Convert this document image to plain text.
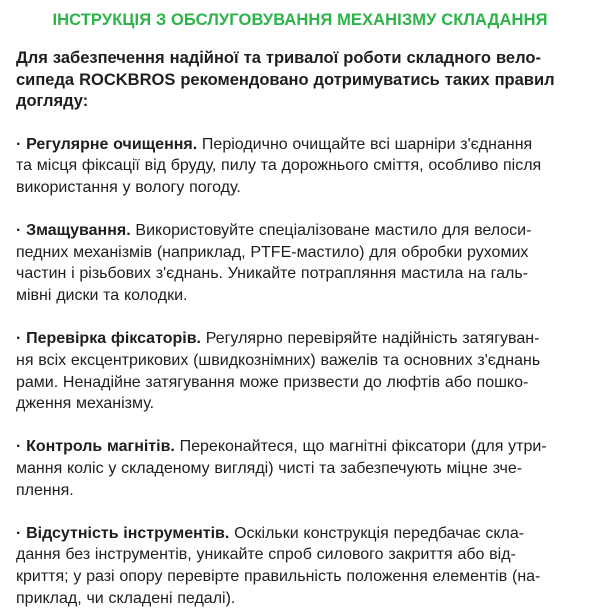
ІНСТРУКЦІЯ З ОБСЛУГОВУВАННЯ МЕХАНІЗМУ СКЛАДАННЯ

Для забезпечення надійної та тривалої роботи складного вело-
сипеда ROCKBROS рекомендовано дотримуватись таких правил
догляду:

· Регулярне очищення. Періодично очищайте всі шарніри з'єднання
та місця фіксації від бруду, пилу та дорожнього сміття, особливо після
використання у вологу погоду.

· Змащування. Використовуйте спеціалізоване мастило для велоси-
педних механізмів (наприклад, PTFE-мастило) для обробки рухомих
частин і різьбових з'єднань. Уникайте потрапляння мастила на галь-
мівні диски та колодки.

· Перевірка фіксаторів. Регулярно перевіряйте надійність затягуван-
ня всіх ексцентрикових (швидкознімних) важелів та основних з'єднань
рами. Ненадійне затягування може призвести до люфтів або пошко-
дження механізму.

· Контроль магнітів. Переконайтеся, що магнітні фіксатори (для утри-
мання коліс у складеному вигляді) чисті та забезпечують міцне зче-
плення.

· Відсутність інструментів. Оскільки конструкція передбачає скла-
дання без інструментів, уникайте спроб силового закриття або від-
криття; у разі опору перевірте правильність положення елементів (на-
приклад, чи складені педалі).
